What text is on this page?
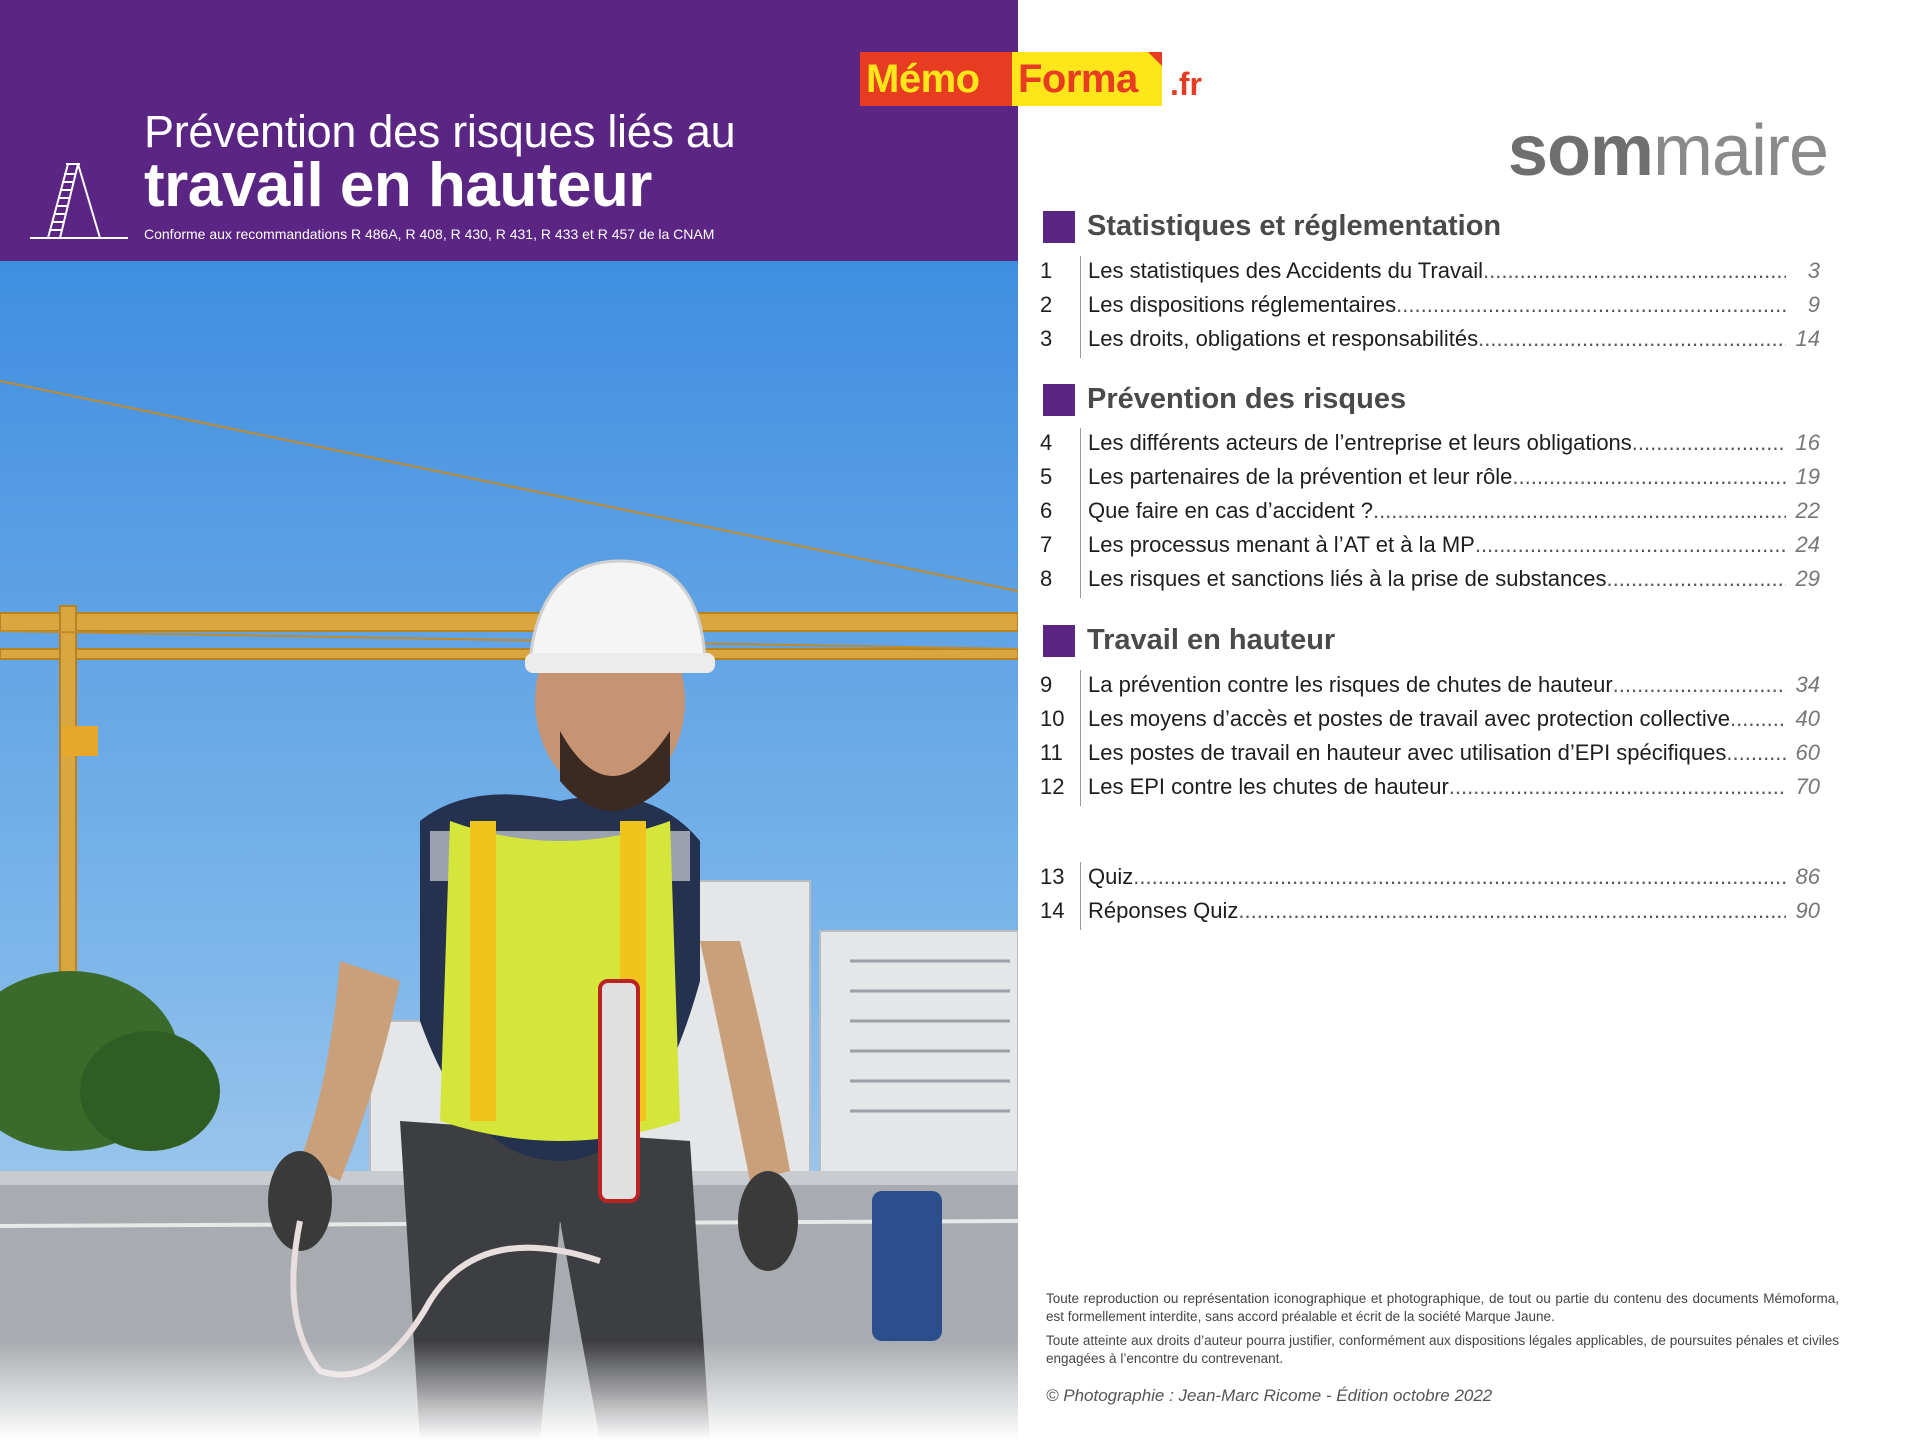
Prévention des risques liés au
travail en hauteur
Conforme aux recommandations R 486A, R 408, R 430, R 431, R 433 et R 457 de la CNAM
Mémo Forma .fr
sommaire
Statistiques et réglementation
1	Les statistiques des Accidents du Travail .....	3
2	Les dispositions réglementaires .....	9
3	Les droits, obligations et responsabilités .....	14
Prévention des risques
4	Les différents acteurs de l’entreprise et leurs obligations .....	16
5	Les partenaires de la prévention et leur rôle .....	19
6	Que faire en cas d’accident ? .....	22
7	Les processus menant à l’AT et à la MP .....	24
8	Les risques et sanctions liés à la prise de substances .....	29
Travail en hauteur
9	La prévention contre les risques de chutes de hauteur .....	34
10	Les moyens d’accès et postes de travail avec protection collective .....	40
11	Les postes de travail en hauteur avec utilisation d’EPI spécifiques .....	60
12	Les EPI contre les chutes de hauteur .....	70
13	Quiz .....	86
14	Réponses Quiz .....	90

Toute reproduction ou représentation iconographique et photographique, de tout ou partie du contenu des documents Mémoforma, est formellement interdite, sans accord préalable et écrit de la société Marque Jaune.

Toute atteinte aux droits d’auteur pourra justifier, conformément aux dispositions légales applicables, de poursuites pénales et civiles engagées à l’encontre du contrevenant.

© Photographie : Jean-Marc Ricome - Édition octobre 2022
